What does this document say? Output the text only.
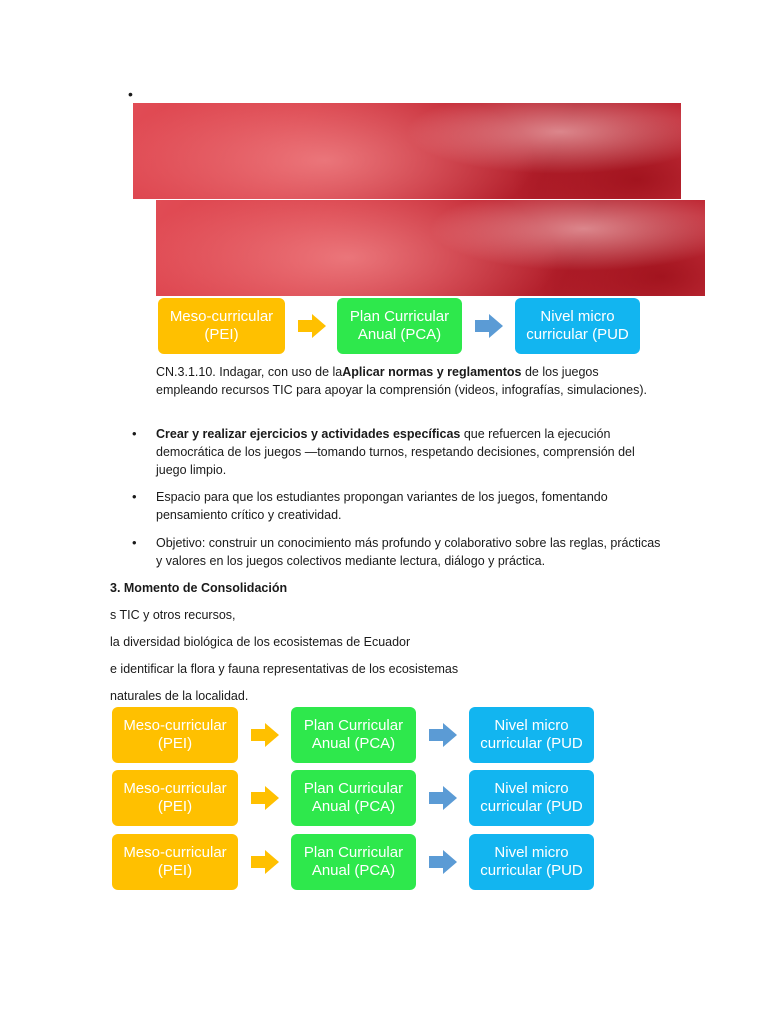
•
Meso-curricular (PEI)
Plan Curricular Anual (PCA)
Nivel micro curricular (PUD
CN.3.1.10. Indagar, con uso de laAplicar normas y reglamentos de los juegos empleando recursos TIC para apoyar la comprensión (videos, infografías, simulaciones).
• Crear y realizar ejercicios y actividades específicas que refuercen la ejecución democrática de los juegos —tomando turnos, respetando decisiones, comprensión del juego limpio.
• Espacio para que los estudiantes propongan variantes de los juegos, fomentando pensamiento crítico y creatividad.
• Objetivo: construir un conocimiento más profundo y colaborativo sobre las reglas, prácticas y valores en los juegos colectivos mediante lectura, diálogo y práctica.
3. Momento de Consolidación
s TIC y otros recursos,
la diversidad biológica de los ecosistemas de Ecuador
e identificar la flora y fauna representativas de los ecosistemas
naturales de la localidad.
Meso-curricular (PEI)
Plan Curricular Anual (PCA)
Nivel micro curricular (PUD
Meso-curricular (PEI)
Plan Curricular Anual (PCA)
Nivel micro curricular (PUD
Meso-curricular (PEI)
Plan Curricular Anual (PCA)
Nivel micro curricular (PUD
